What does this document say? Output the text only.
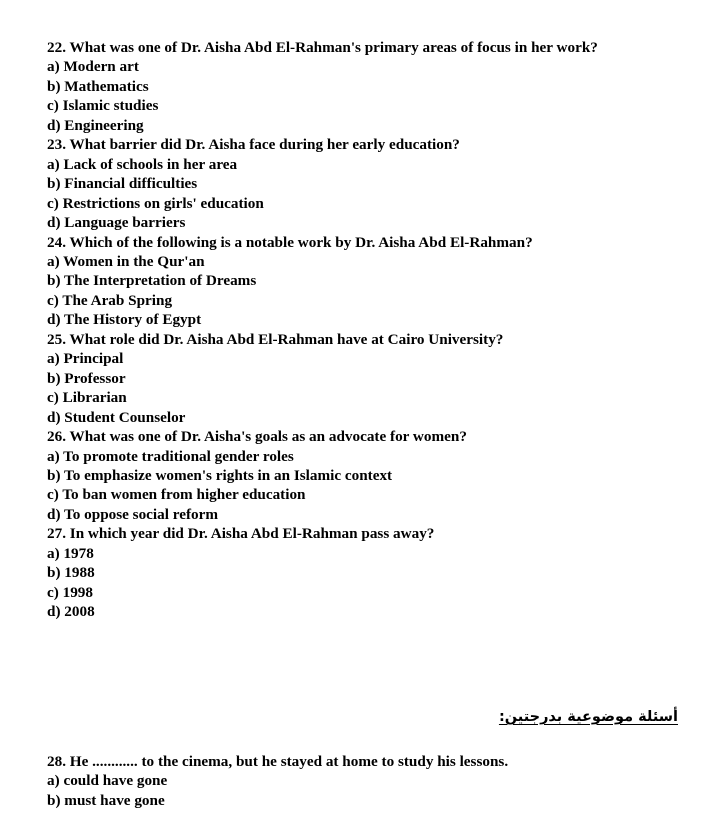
22. What was one of Dr. Aisha Abd El-Rahman's primary areas of focus in her work?
a) Modern art
b) Mathematics
c) Islamic studies
d) Engineering
23. What barrier did Dr. Aisha face during her early education?
a) Lack of schools in her area
b) Financial difficulties
c) Restrictions on girls' education
d) Language barriers
24. Which of the following is a notable work by Dr. Aisha Abd El-Rahman?
a) Women in the Qur'an
b) The Interpretation of Dreams
c) The Arab Spring
d) The History of Egypt
25. What role did Dr. Aisha Abd El-Rahman have at Cairo University?
a) Principal
b) Professor
c) Librarian
d) Student Counselor
26. What was one of Dr. Aisha's goals as an advocate for women?
a) To promote traditional gender roles
b) To emphasize women's rights in an Islamic context
c) To ban women from higher education
d) To oppose social reform
27. In which year did Dr. Aisha Abd El-Rahman pass away?
a) 1978
b) 1988
c) 1998
d) 2008
أسئلة موضوعية بدرجتين:
28. He ............ to the cinema, but he stayed at home to study his lessons.
a) could have gone
b) must have gone
